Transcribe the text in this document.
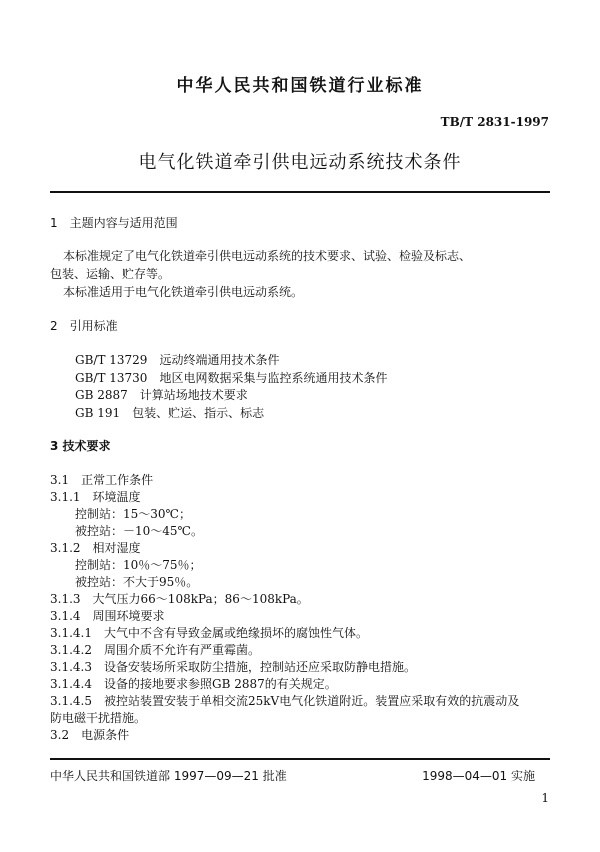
中华人民共和国铁道行业标准
TB/T 2831-1997
电气化铁道牵引供电远动系统技术条件
1　主题内容与适用范围
本标准规定了电气化铁道牵引供电远动系统的技术要求、试验、检验及标志、
包装、运输、贮存等。
本标准适用于电气化铁道牵引供电远动系统。
2　引用标准
GB/T 13729　远动终端通用技术条件
GB/T 13730　地区电网数据采集与监控系统通用技术条件
GB 2887　计算站场地技术要求
GB 191　包装、贮运、指示、标志
3 技术要求
3.1　正常工作条件
3.1.1　环境温度
控制站：15～30℃；
被控站：－10～45℃。
3.1.2　相对湿度
控制站：10％～75％；
被控站：不大于95％。
3.1.3　大气压力66～108kPa；86～108kPa。
3.1.4　周围环境要求
3.1.4.1　大气中不含有导致金属或绝缘损坏的腐蚀性气体。
3.1.4.2　周围介质不允许有严重霉菌。
3.1.4.3　设备安装场所采取防尘措施，控制站还应采取防静电措施。
3.1.4.4　设备的接地要求参照GB 2887的有关规定。
3.1.4.5　被控站装置安装于单相交流25kV电气化铁道附近。装置应采取有效的抗震动及
防电磁干扰措施。
3.2　电源条件
中华人民共和国铁道部 1997—09—21 批准	1998—04—01 实施
1
